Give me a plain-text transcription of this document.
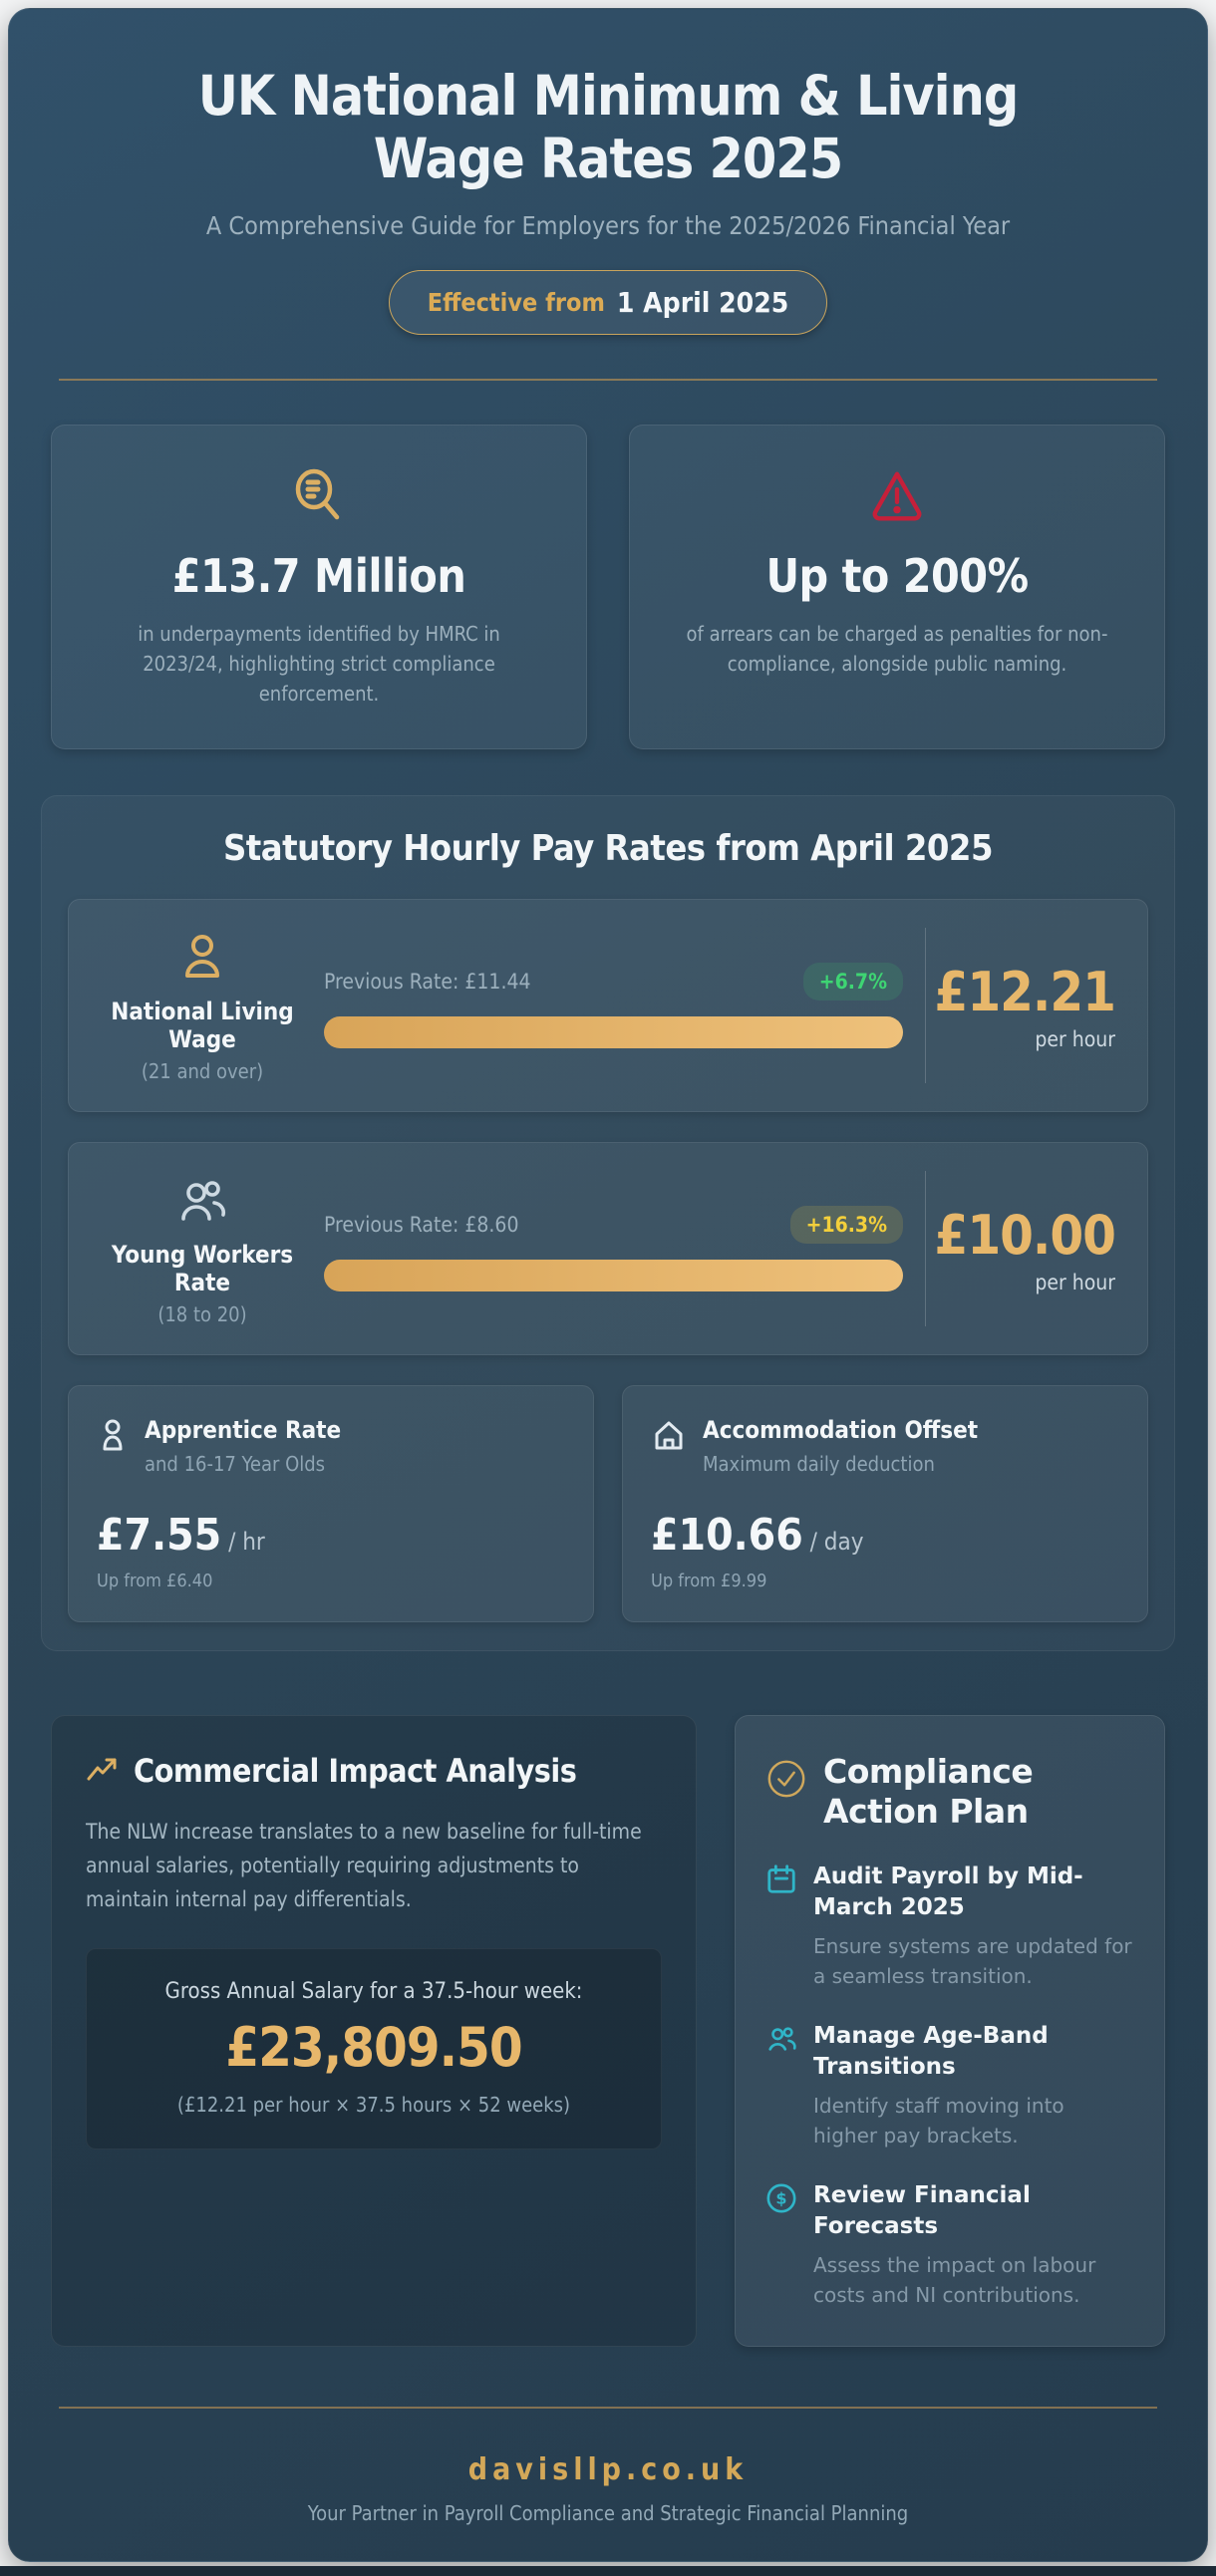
UK National Minimum & Living
Wage Rates 2025
A Comprehensive Guide for Employers for the 2025/2026 Financial Year
Effective from 1 April 2025
£13.7 Million
in underpayments identified by HMRC in 2023/24, highlighting strict compliance enforcement.
Up to 200%
of arrears can be charged as penalties for non-compliance, alongside public naming.
Statutory Hourly Pay Rates from April 2025
National Living Wage
(21 and over)
Previous Rate: £11.44	+6.7% £12.21
per hour
Young Workers Rate
(18 to 20)
Previous Rate: £8.60	+16.3% £10.00
per hour
Apprentice Rate
and 16-17 Year Olds
£7.55 / hr
Up from £6.40
Accommodation Offset
Maximum daily deduction
£10.66 / day
Up from £9.99
Commercial Impact Analysis
The NLW increase translates to a new baseline for full-time annual salaries, potentially requiring adjustments to maintain internal pay differentials.
Gross Annual Salary for a 37.5-hour week:
£23,809.50
(£12.21 per hour × 37.5 hours × 52 weeks)
Compliance Action Plan
Audit Payroll by Mid-March 2025
Ensure systems are updated for a seamless transition.
Manage Age-Band Transitions
Identify staff moving into higher pay brackets.
$ Review Financial Forecasts
Assess the impact on labour costs and NI contributions.
davisllp.co.uk
Your Partner in Payroll Compliance and Strategic Financial Planning
